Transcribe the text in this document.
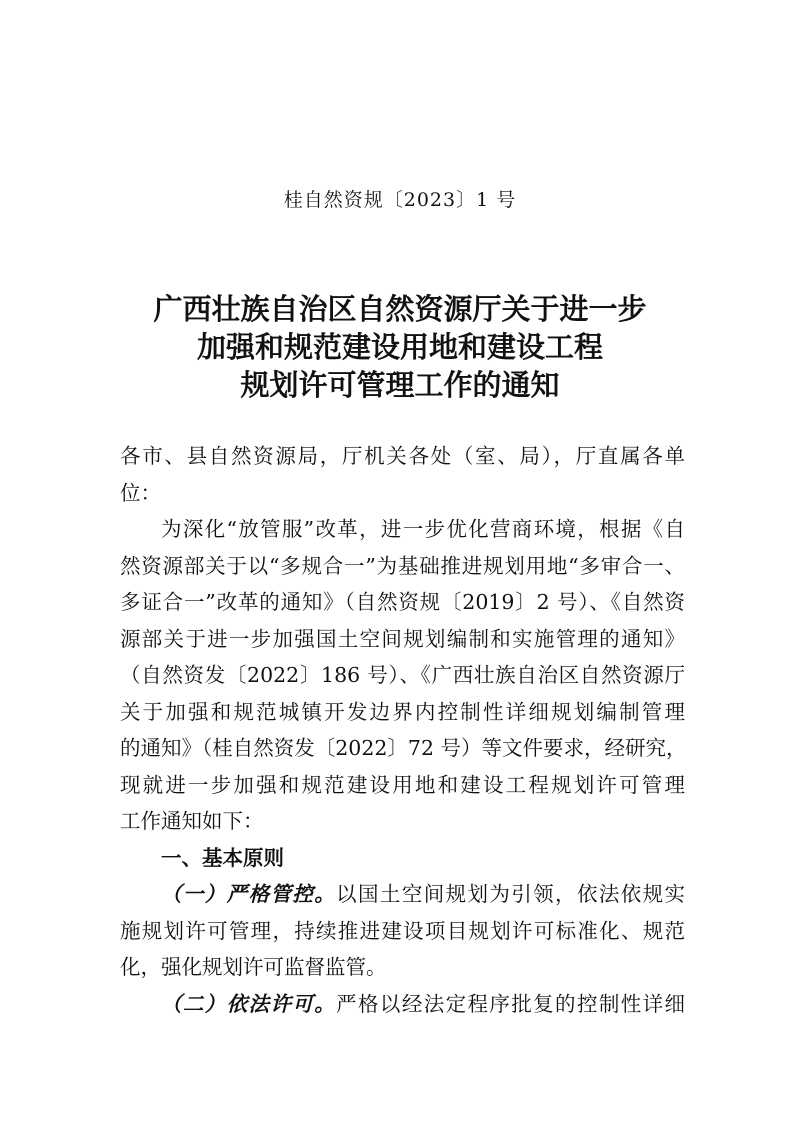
桂自然资规〔2023〕1 号
广西壮族自治区自然资源厅关于进一步
加强和规范建设用地和建设工程
规划许可管理工作的通知
各市、县自然资源局，厅机关各处（室、局），厅直属各单
位：
为深化“放管服”改革，进一步优化营商环境，根据《自
然资源部关于以“多规合一”为基础推进规划用地“多审合一、
多证合一”改革的通知》（自然资规〔2019〕2 号）、《自然资
源部关于进一步加强国土空间规划编制和实施管理的通知》
（自然资发〔2022〕186 号）、《广西壮族自治区自然资源厅
关于加强和规范城镇开发边界内控制性详细规划编制管理
的通知》（桂自然资发〔2022〕72 号）等文件要求，经研究，
现就进一步加强和规范建设用地和建设工程规划许可管理
工作通知如下：
一、基本原则
（一）严格管控。以国土空间规划为引领，依法依规实
施规划许可管理，持续推进建设项目规划许可标准化、规范
化，强化规划许可监督监管。
（二）依法许可。严格以经法定程序批复的控制性详细
